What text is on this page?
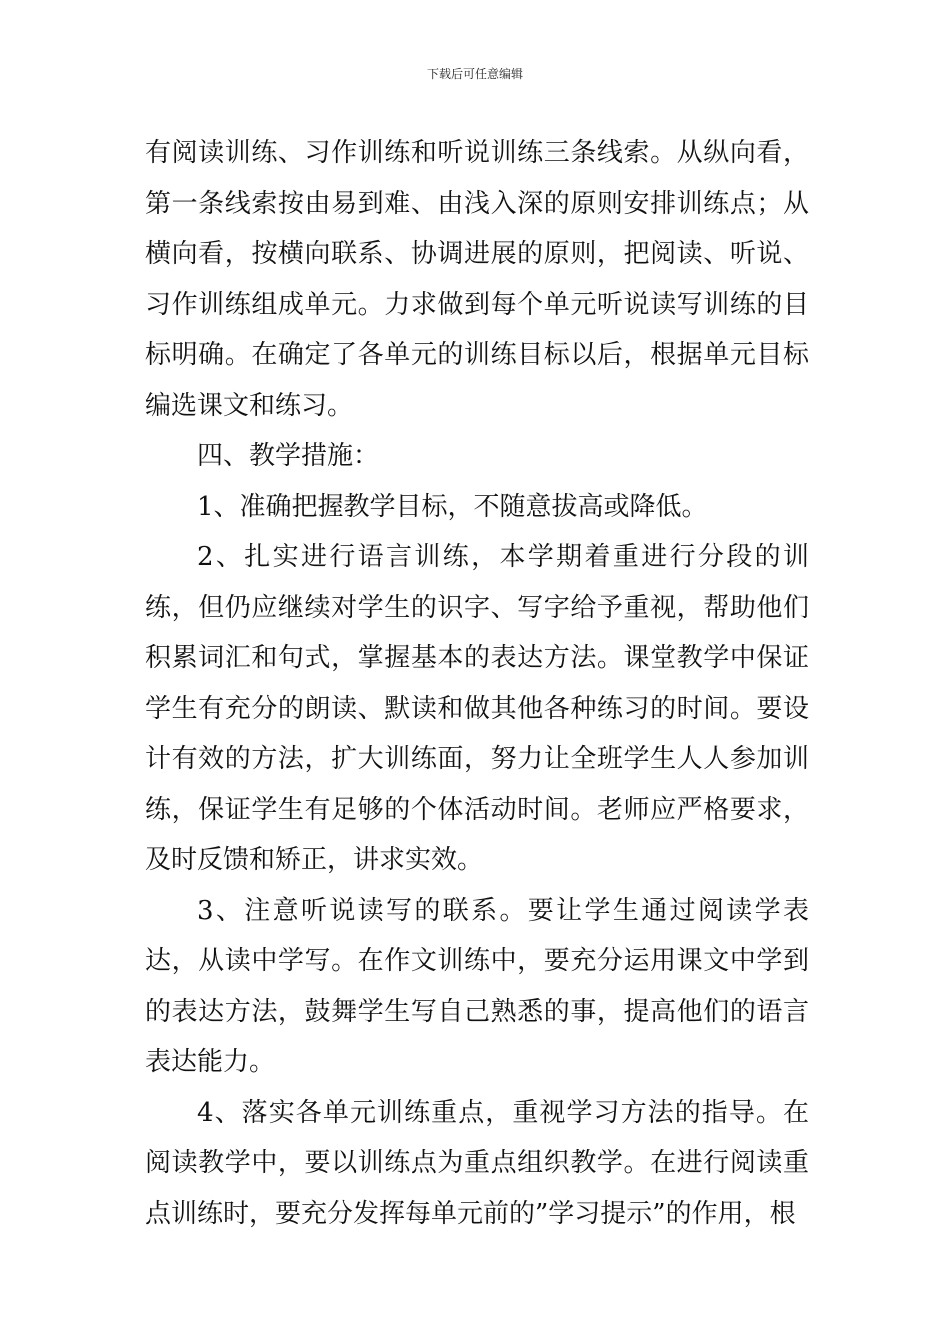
下载后可任意编辑

有阅读训练、习作训练和听说训练三条线索。从纵向看，第一条线索按由易到难、由浅入深的原则安排训练点；从横向看，按横向联系、协调进展的原则，把阅读、听说、习作训练组成单元。力求做到每个单元听说读写训练的目标明确。在确定了各单元的训练目标以后，根据单元目标编选课文和练习。

四、教学措施：

1、准确把握教学目标，不随意拔高或降低。

2、扎实进行语言训练，本学期着重进行分段的训练，但仍应继续对学生的识字、写字给予重视，帮助他们积累词汇和句式，掌握基本的表达方法。课堂教学中保证学生有充分的朗读、默读和做其他各种练习的时间。要设计有效的方法，扩大训练面，努力让全班学生人人参加训练，保证学生有足够的个体活动时间。老师应严格要求，及时反馈和矫正，讲求实效。

3、注意听说读写的联系。要让学生通过阅读学表达，从读中学写。在作文训练中，要充分运用课文中学到的表达方法，鼓舞学生写自己熟悉的事，提高他们的语言表达能力。

4、落实各单元训练重点，重视学习方法的指导。在阅读教学中，要以训练点为重点组织教学。在进行阅读重点训练时，要充分发挥每单元前的”学习提示”的作用，根
